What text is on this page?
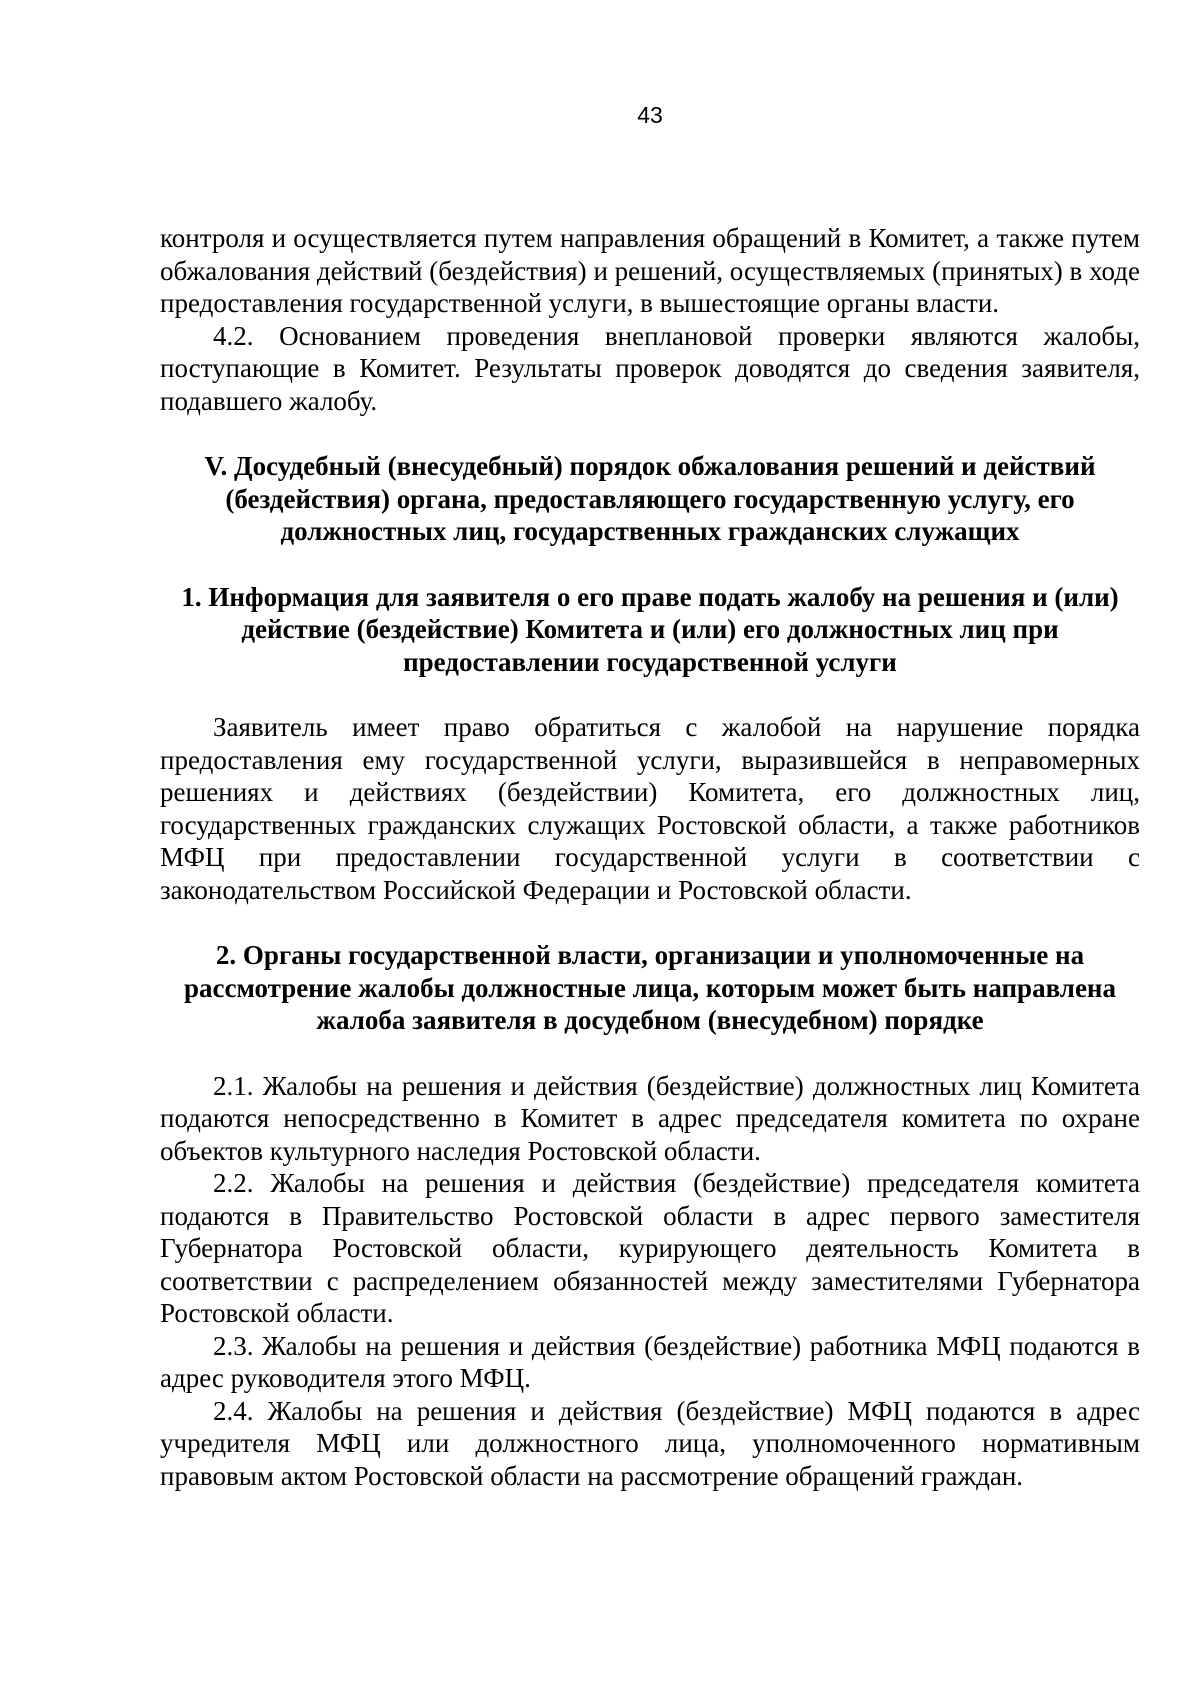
43

контроля и осуществляется путем направления обращений в Комитет, а также путем обжалования действий (бездействия) и решений, осуществляемых (принятых) в ходе предоставления государственной услуги, в вышестоящие органы власти.

4.2. Основанием проведения внеплановой проверки являются жалобы, поступающие в Комитет. Результаты проверок доводятся до сведения заявителя, подавшего жалобу.

V. Досудебный (внесудебный) порядок обжалования решений и действий (бездействия) органа, предоставляющего государственную услугу, его должностных лиц, государственных гражданских служащих

1. Информация для заявителя о его праве подать жалобу на решения и (или) действие (бездействие) Комитета и (или) его должностных лиц при предоставлении государственной услуги

Заявитель имеет право обратиться с жалобой на нарушение порядка предоставления ему государственной услуги, выразившейся в неправомерных решениях и действиях (бездействии) Комитета, его должностных лиц, государственных гражданских служащих Ростовской области, а также работников МФЦ при предоставлении государственной услуги в соответствии с законодательством Российской Федерации и Ростовской области.

2. Органы государственной власти, организации и уполномоченные на рассмотрение жалобы должностные лица, которым может быть направлена жалоба заявителя в досудебном (внесудебном) порядке

2.1. Жалобы на решения и действия (бездействие) должностных лиц Комитета подаются непосредственно в Комитет в адрес председателя комитета по охране объектов культурного наследия Ростовской области.

2.2. Жалобы на решения и действия (бездействие) председателя комитета подаются в Правительство Ростовской области в адрес первого заместителя Губернатора Ростовской области, курирующего деятельность Комитета в соответствии с распределением обязанностей между заместителями Губернатора Ростовской области.

2.3. Жалобы на решения и действия (бездействие) работника МФЦ подаются в адрес руководителя этого МФЦ.

2.4. Жалобы на решения и действия (бездействие) МФЦ подаются в адрес учредителя МФЦ или должностного лица, уполномоченного нормативным правовым актом Ростовской области на рассмотрение обращений граждан.
